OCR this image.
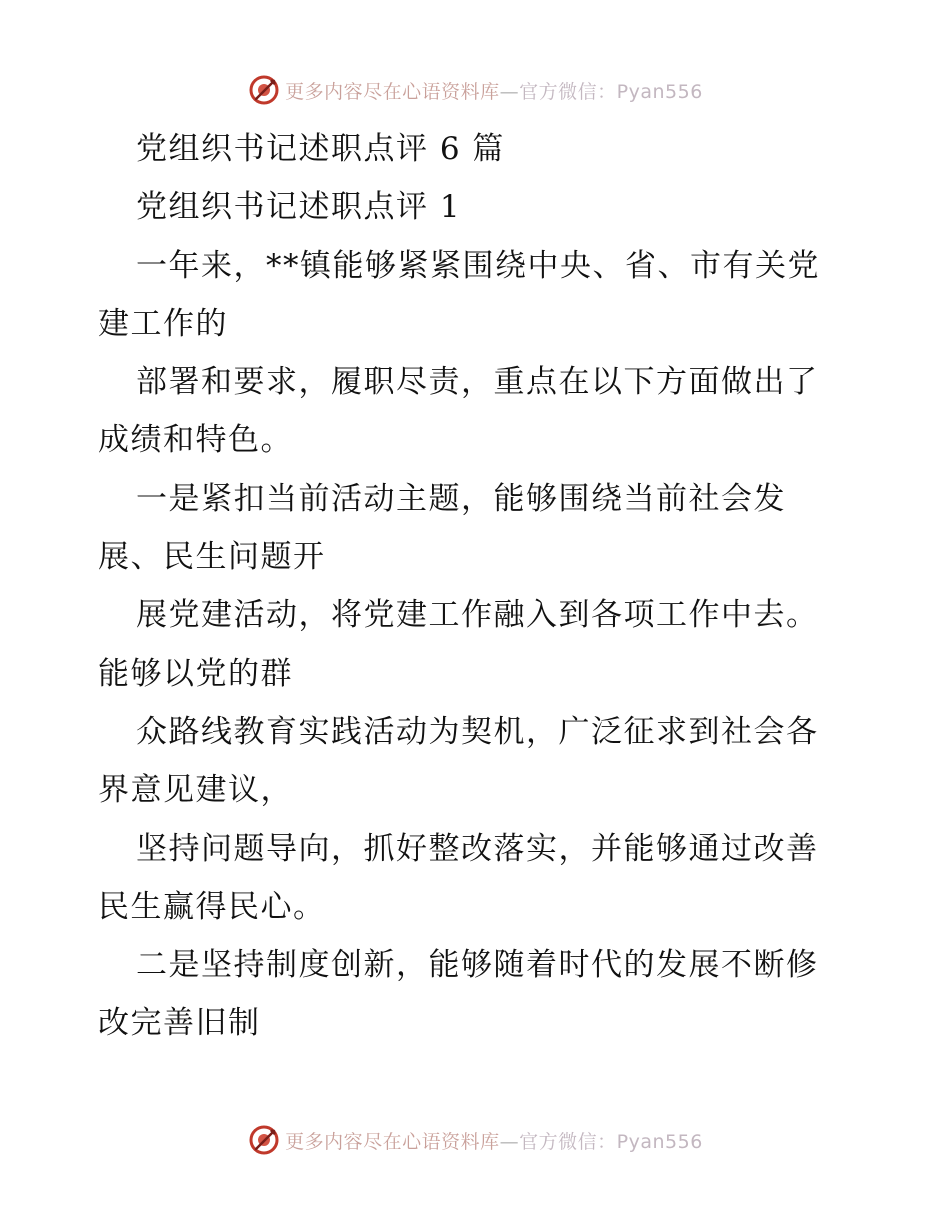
更多内容尽在心语资料库—官方微信：Pyan556
党组织书记述职点评 6 篇
党组织书记述职点评 1
一年来，**镇能够紧紧围绕中央、省、市有关党
建工作的
部署和要求，履职尽责，重点在以下方面做出了
成绩和特色。
一是紧扣当前活动主题，能够围绕当前社会发
展、民生问题开
展党建活动，将党建工作融入到各项工作中去。
能够以党的群
众路线教育实践活动为契机，广泛征求到社会各
界意见建议，
坚持问题导向，抓好整改落实，并能够通过改善
民生赢得民心。
二是坚持制度创新，能够随着时代的发展不断修
改完善旧制
更多内容尽在心语资料库—官方微信：Pyan556
